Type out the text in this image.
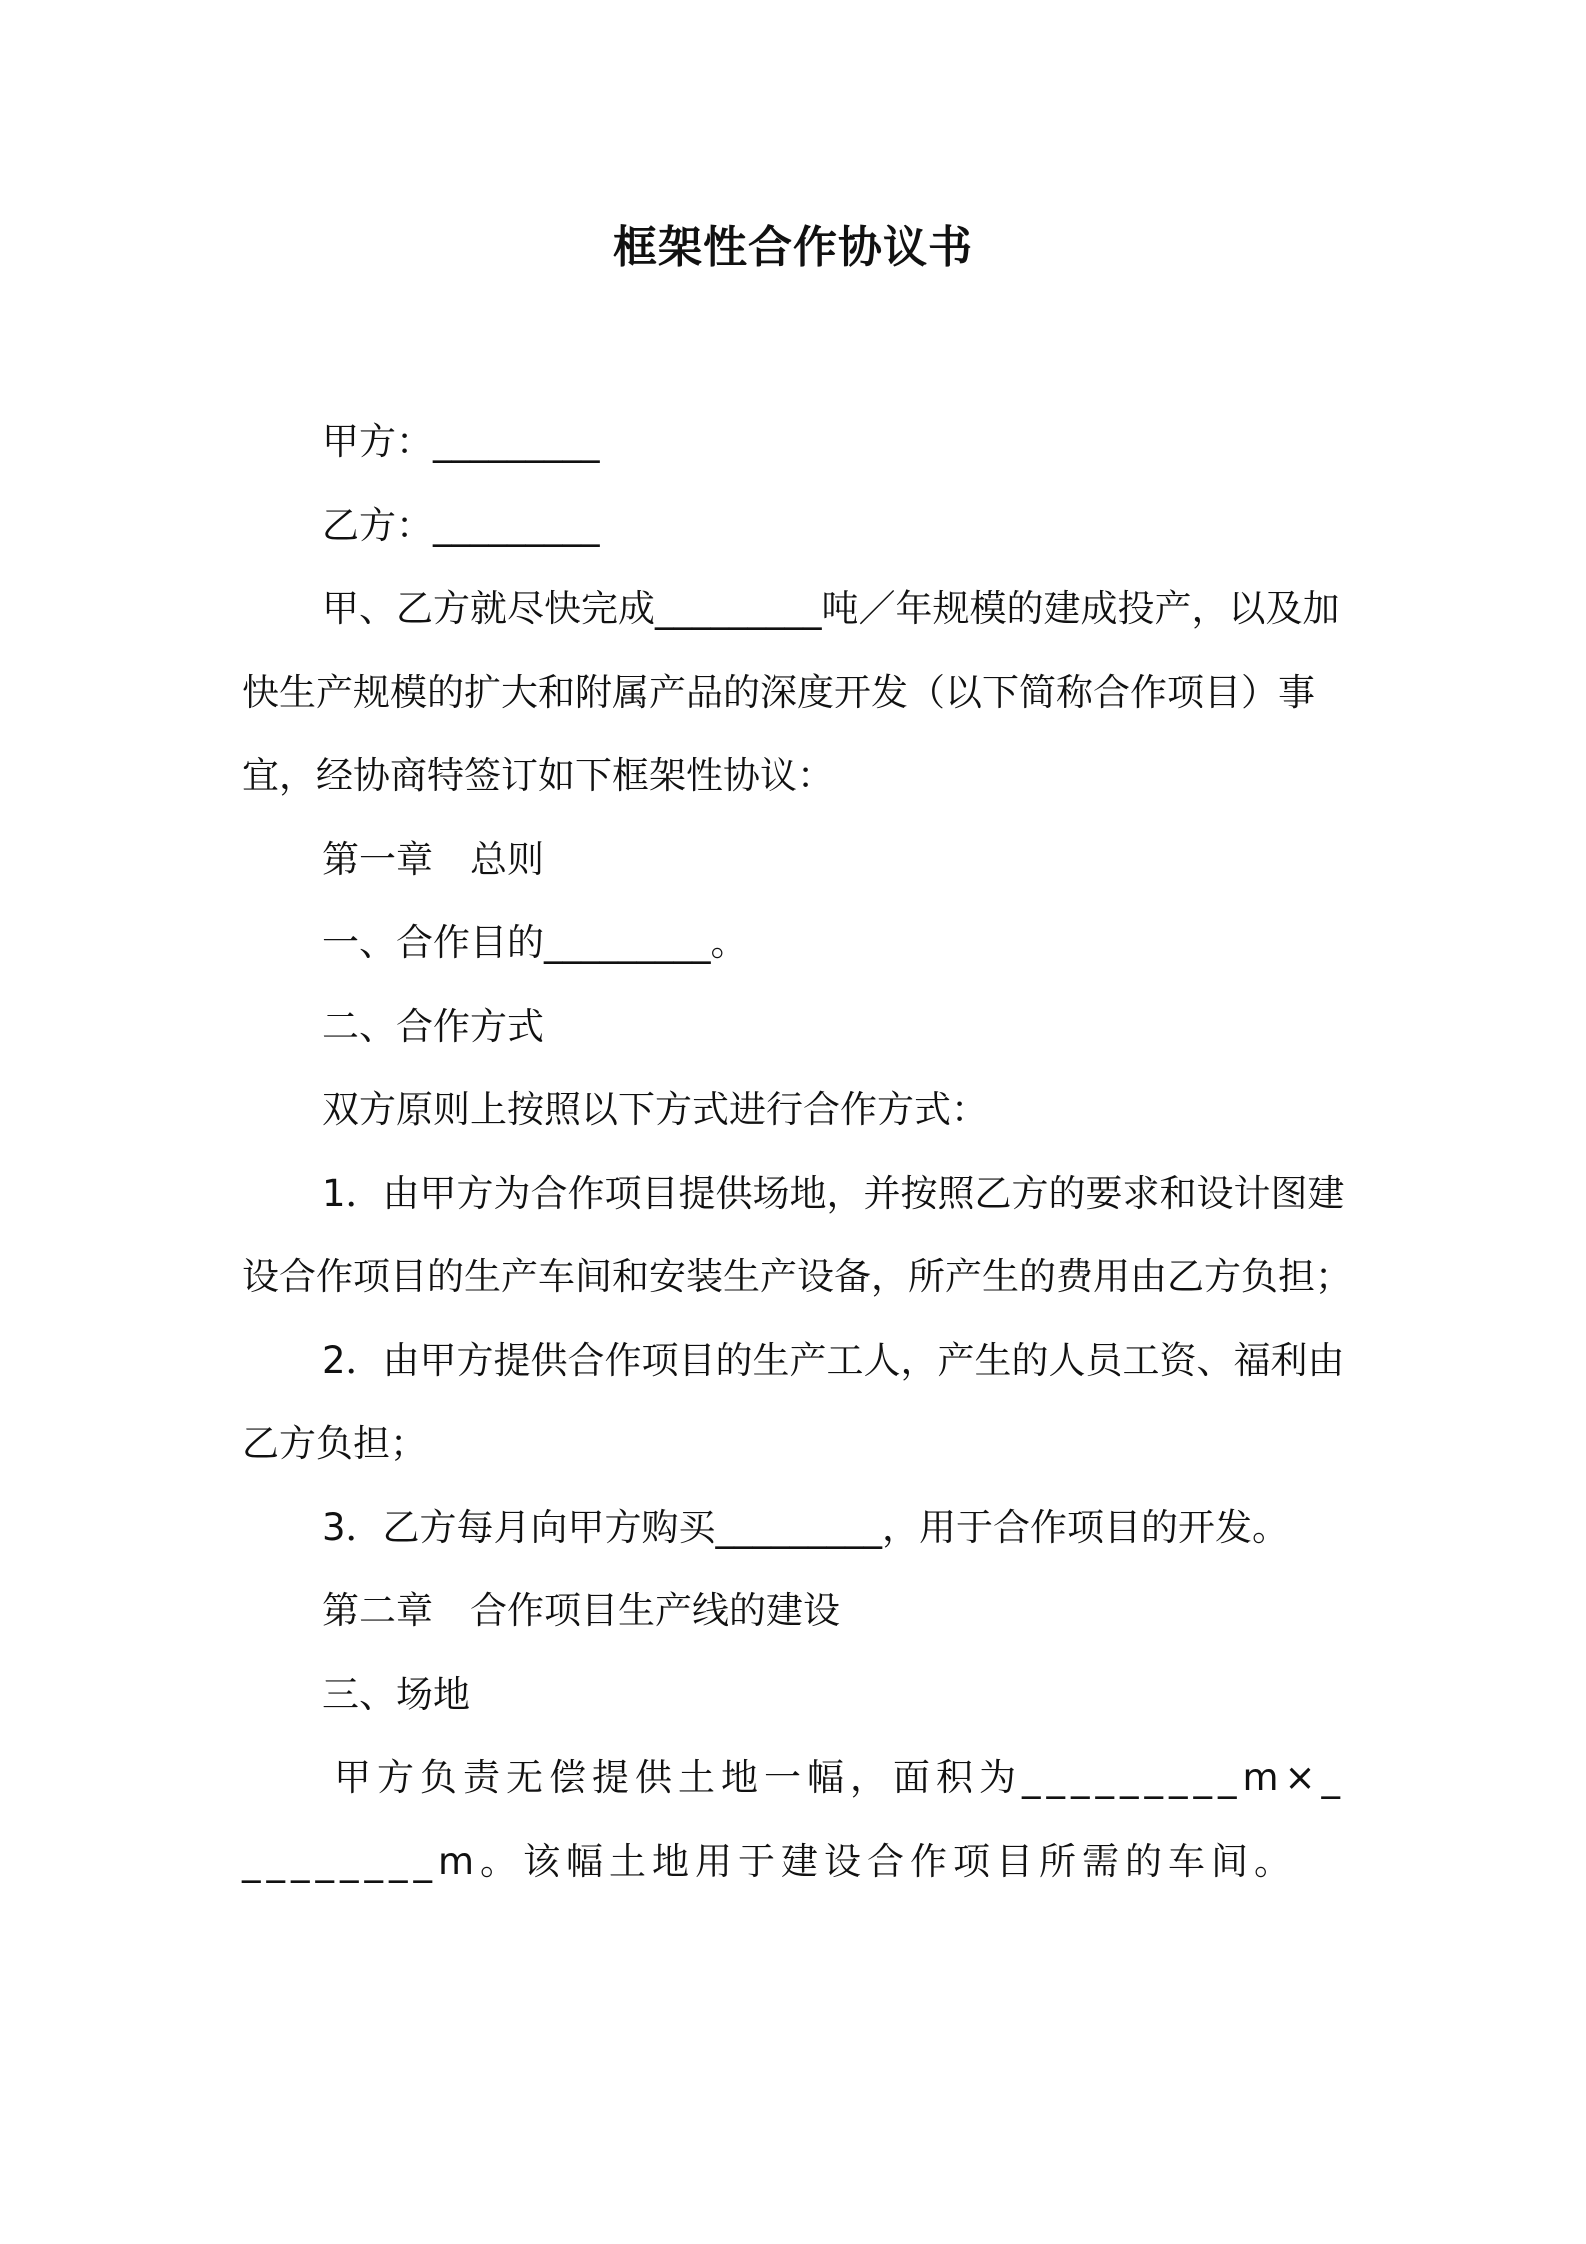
框架性合作协议书

甲方：_________

乙方：_________

甲、乙方就尽快完成_________吨／年规模的建成投产，以及加快生产规模的扩大和附属产品的深度开发（以下简称合作项目）事宜，经协商特签订如下框架性协议：

第一章　总则

一、合作目的_________。

二、合作方式

双方原则上按照以下方式进行合作方式：

1．由甲方为合作项目提供场地，并按照乙方的要求和设计图建设合作项目的生产车间和安装生产设备，所产生的费用由乙方负担；

2．由甲方提供合作项目的生产工人，产生的人员工资、福利由乙方负担；

3．乙方每月向甲方购买_________，用于合作项目的开发。

第二章　合作项目生产线的建设

三、场地

甲方负责无偿提供土地一幅，面积为_________m×_________m。该幅土地用于建设合作项目所需的车间。
